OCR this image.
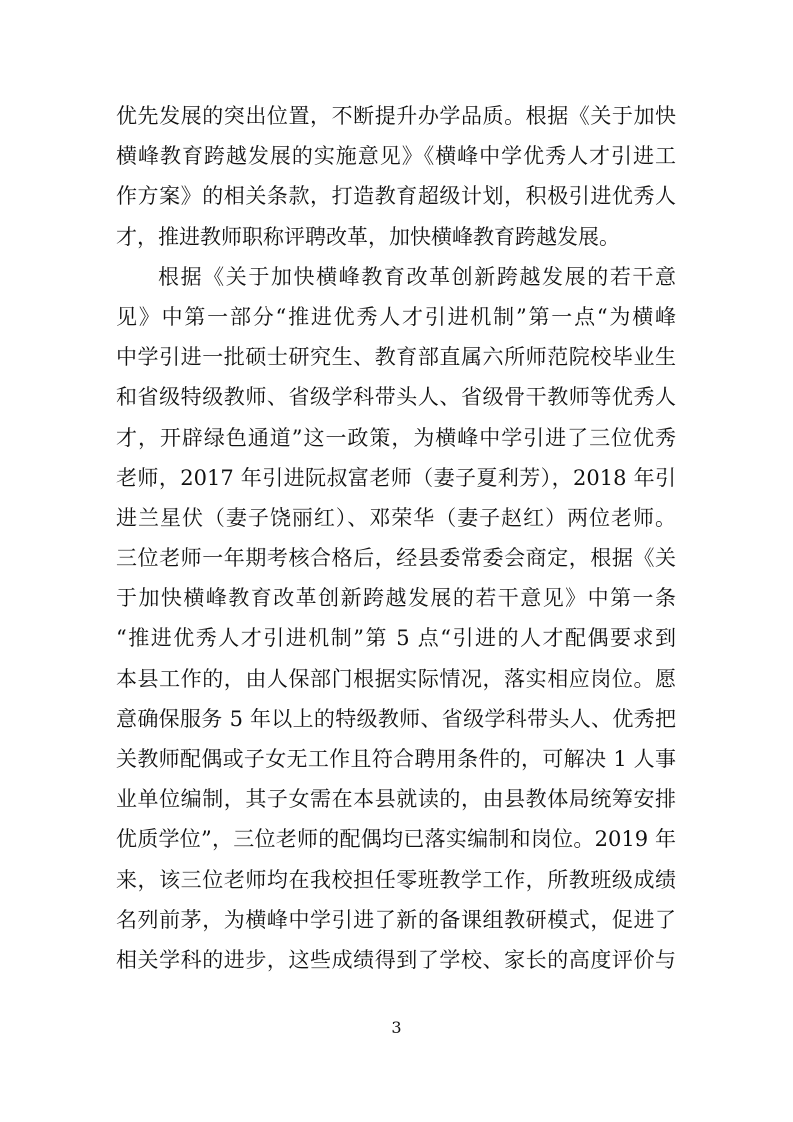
优先发展的突出位置，不断提升办学品质。根据《关于加快
横峰教育跨越发展的实施意见》《横峰中学优秀人才引进工
作方案》的相关条款，打造教育超级计划，积极引进优秀人
才，推进教师职称评聘改革，加快横峰教育跨越发展。
根据《关于加快横峰教育改革创新跨越发展的若干意
见》中第一部分“推进优秀人才引进机制”第一点“为横峰
中学引进一批硕士研究生、教育部直属六所师范院校毕业生
和省级特级教师、省级学科带头人、省级骨干教师等优秀人
才，开辟绿色通道”这一政策，为横峰中学引进了三位优秀
老师，2017 年引进阮叔富老师（妻子夏利芳），2018 年引
进兰星伏（妻子饶丽红）、邓荣华（妻子赵红）两位老师。
三位老师一年期考核合格后，经县委常委会商定，根据《关
于加快横峰教育改革创新跨越发展的若干意见》中第一条
“推进优秀人才引进机制”第 5 点“引进的人才配偶要求到
本县工作的，由人保部门根据实际情况，落实相应岗位。愿
意确保服务 5 年以上的特级教师、省级学科带头人、优秀把
关教师配偶或子女无工作且符合聘用条件的，可解决 1 人事
业单位编制，其子女需在本县就读的，由县教体局统筹安排
优质学位”，三位老师的配偶均已落实编制和岗位。2019 年
来，该三位老师均在我校担任零班教学工作，所教班级成绩
名列前茅，为横峰中学引进了新的备课组教研模式，促进了
相关学科的进步，这些成绩得到了学校、家长的高度评价与
3
